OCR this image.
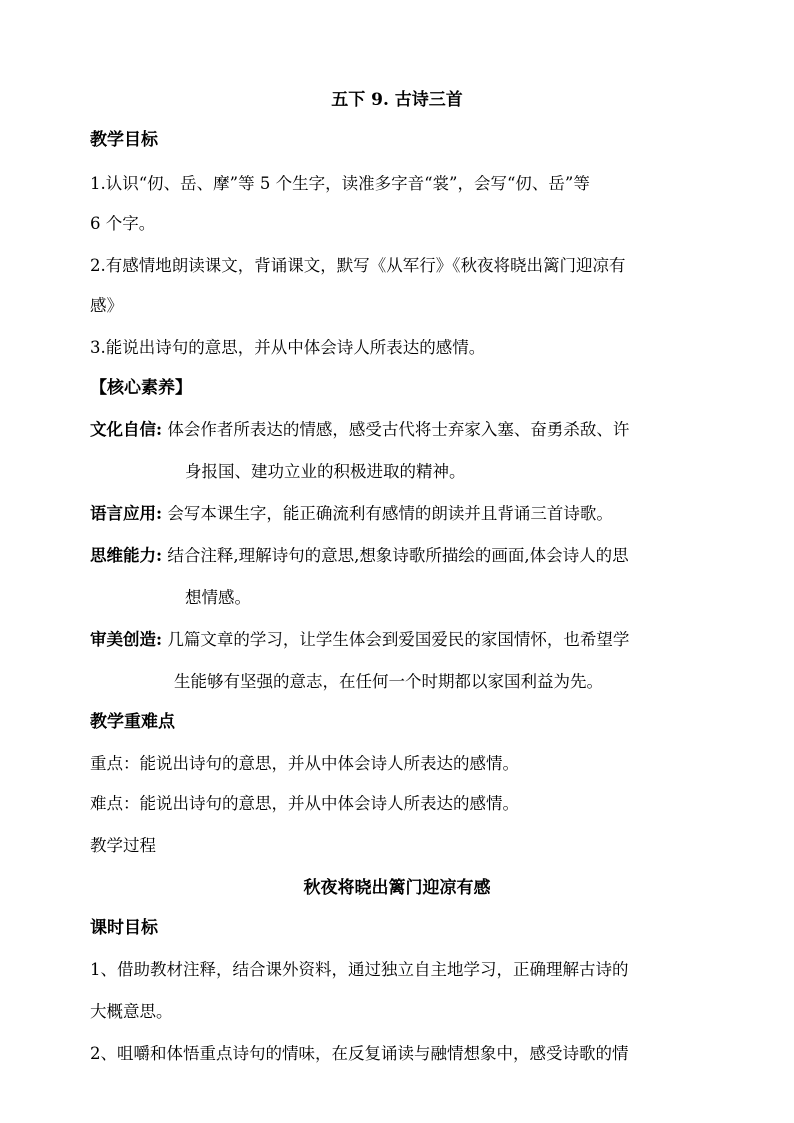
五下 9. 古诗三首
教学目标
1.认识“仞、岳、摩”等 5 个生字，读准多字音“裳”，会写“仞、岳”等
6 个字。
2.有感情地朗读课文，背诵课文，默写《从军行》《秋夜将晓出篱门迎凉有
感》
3.能说出诗句的意思，并从中体会诗人所表达的感情。
【核心素养】
文化自信: 体会作者所表达的情感，感受古代将士弃家入塞、奋勇杀敌、许
身报国、建功立业的积极进取的精神。
语言应用: 会写本课生字，能正确流利有感情的朗读并且背诵三首诗歌。
思维能力: 结合注释,理解诗句的意思,想象诗歌所描绘的画面,体会诗人的思
想情感。
审美创造: 几篇文章的学习，让学生体会到爱国爱民的家国情怀，也希望学
生能够有坚强的意志，在任何一个时期都以家国利益为先。
教学重难点
重点：能说出诗句的意思，并从中体会诗人所表达的感情。
难点：能说出诗句的意思，并从中体会诗人所表达的感情。
教学过程
秋夜将晓出篱门迎凉有感
课时目标
1、借助教材注释，结合课外资料，通过独立自主地学习，正确理解古诗的
大概意思。
2、咀嚼和体悟重点诗句的情味，在反复诵读与融情想象中，感受诗歌的情
